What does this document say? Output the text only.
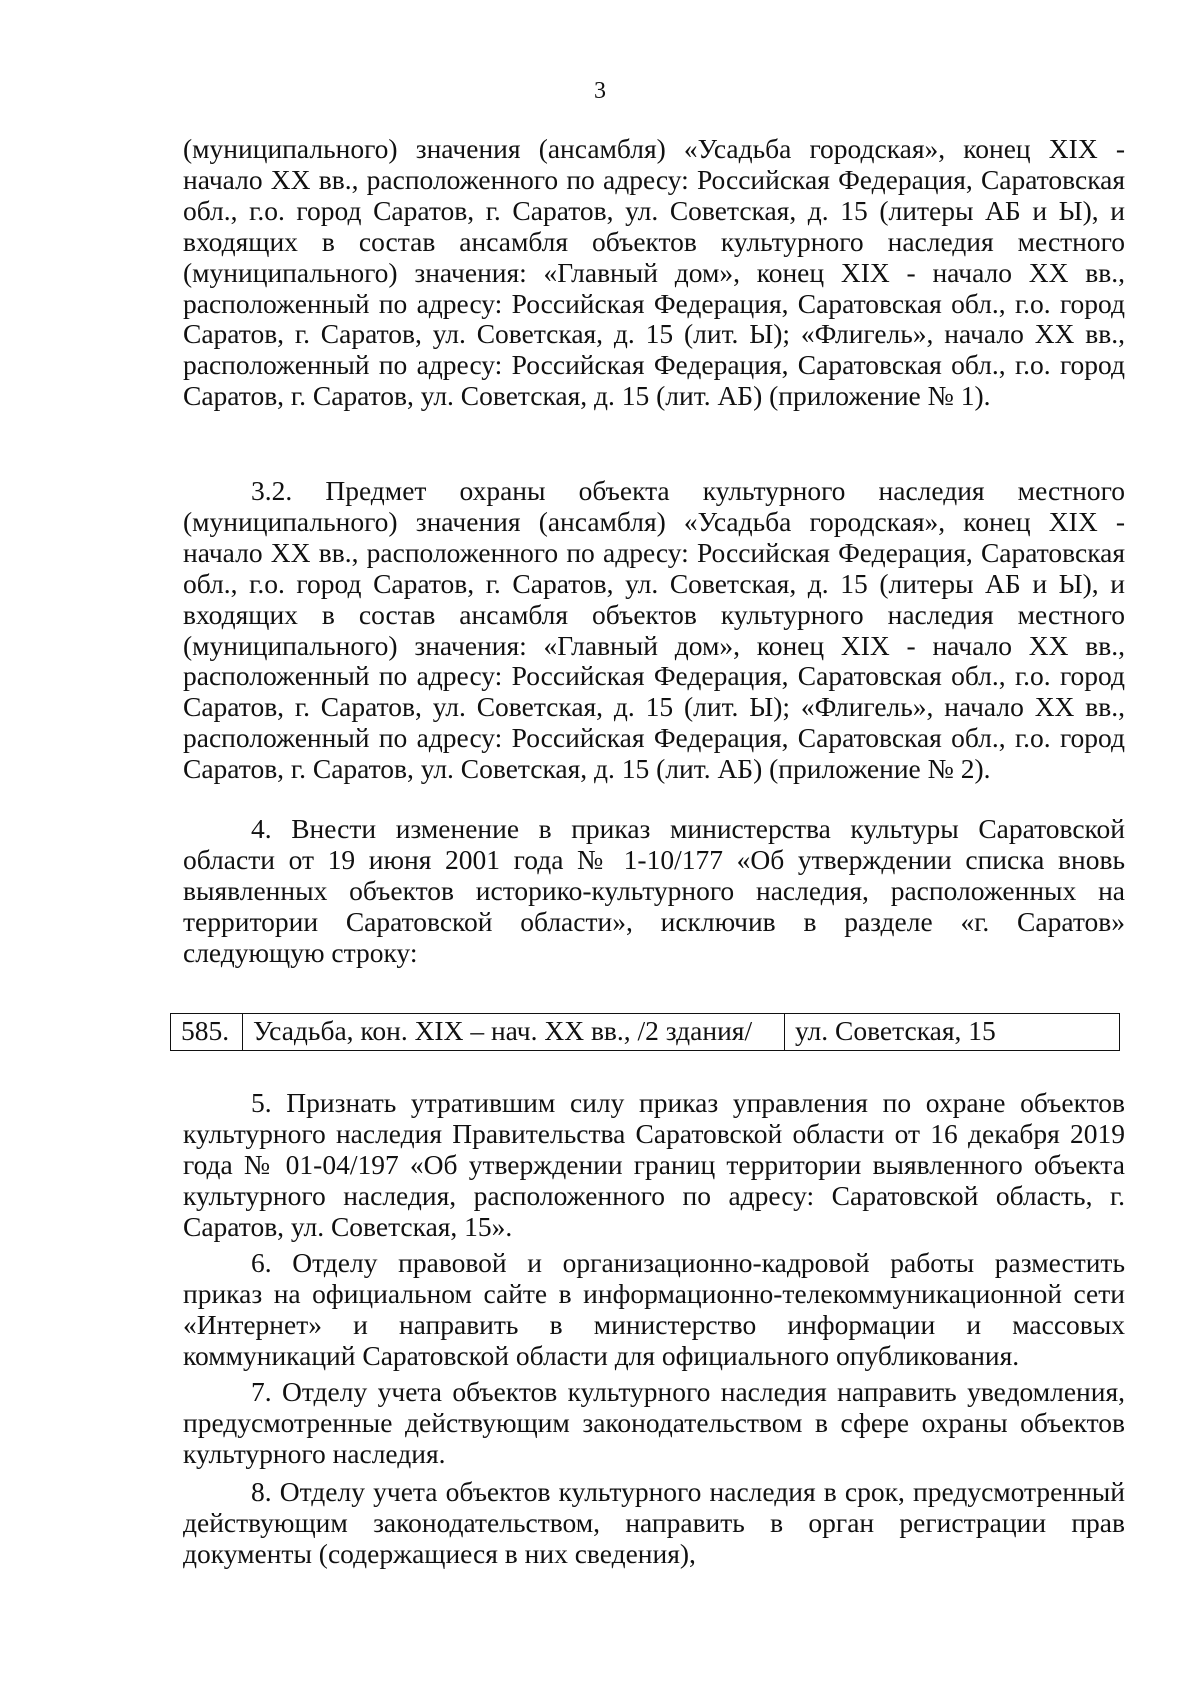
3

(муниципального) значения (ансамбля) «Усадьба городская», конец XIX - начало XX вв., расположенного по адресу: Российская Федерация, Саратовская обл., г.о. город Саратов, г. Саратов, ул. Советская, д. 15 (литеры АБ и Ы), и входящих в состав ансамбля объектов культурного наследия местного (муниципального) значения: «Главный дом», конец XIX - начало XX вв., расположенный по адресу: Российская Федерация, Саратовская обл., г.о. город Саратов, г. Саратов, ул. Советская, д. 15 (лит. Ы); «Флигель», начало XX вв., расположенный по адресу: Российская Федерация, Саратовская обл., г.о. город Саратов, г. Саратов, ул. Советская, д. 15 (лит. АБ) (приложение № 1).

3.2. Предмет охраны объекта культурного наследия местного (муниципального) значения (ансамбля) «Усадьба городская», конец XIX - начало XX вв., расположенного по адресу: Российская Федерация, Саратовская обл., г.о. город Саратов, г. Саратов, ул. Советская, д. 15 (литеры АБ и Ы), и входящих в состав ансамбля объектов культурного наследия местного (муниципального) значения: «Главный дом», конец XIX - начало XX вв., расположенный по адресу: Российская Федерация, Саратовская обл., г.о. город Саратов, г. Саратов, ул. Советская, д. 15 (лит. Ы); «Флигель», начало XX вв., расположенный по адресу: Российская Федерация, Саратовская обл., г.о. город Саратов, г. Саратов, ул. Советская, д. 15 (лит. АБ) (приложение № 2).

4. Внести изменение в приказ министерства культуры Саратовской области от 19 июня 2001 года № 1-10/177 «Об утверждении списка вновь выявленных объектов историко-культурного наследия, расположенных на территории Саратовской области», исключив в разделе «г. Саратов» следующую строку:

585. Усадьба, кон. XIX – нач. XX вв., /2 здания/	ул. Советская, 15

5. Признать утратившим силу приказ управления по охране объектов культурного наследия Правительства Саратовской области от 16 декабря 2019 года № 01-04/197 «Об утверждении границ территории выявленного объекта культурного наследия, расположенного по адресу: Саратовской область, г. Саратов, ул. Советская, 15».

6. Отделу правовой и организационно-кадровой работы разместить приказ на официальном сайте в информационно-телекоммуникационной сети «Интернет» и направить в министерство информации и массовых коммуникаций Саратовской области для официального опубликования.

7. Отделу учета объектов культурного наследия направить уведомления, предусмотренные действующим законодательством в сфере охраны объектов культурного наследия.

8. Отделу учета объектов культурного наследия в срок, предусмотренный действующим законодательством, направить в орган регистрации прав документы (содержащиеся в них сведения),
